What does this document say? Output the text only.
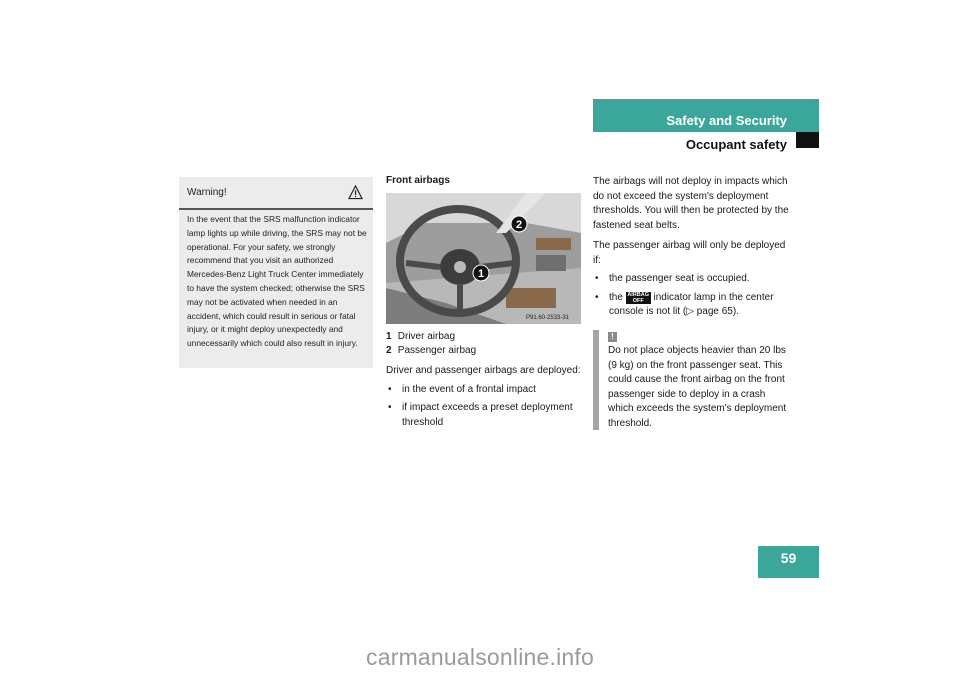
Safety and Security
Occupant safety
Warning!
In the event that the SRS malfunction indicator lamp lights up while driving, the SRS may not be operational. For your safety, we strongly recommend that you visit an authorized Mercedes-Benz Light Truck Center immediately to have the system checked; otherwise the SRS may not be activated when needed in an accident, which could result in serious or fatal injury, or it might deploy unexpectedly and unnecessarily which could also result in injury.
Front airbags
P91.60-2533-31
1
2
1 Driver airbag
2 Passenger airbag
Driver and passenger airbags are deployed:
• in the event of a frontal impact
• if impact exceeds a preset deployment threshold
The airbags will not deploy in impacts which do not exceed the system's deployment thresholds. You will then be protected by the fastened seat belts.
The passenger airbag will only be deployed if:
• the passenger seat is occupied.
• the AIRBAG
OFF indicator lamp in the center console is not lit (▷ page 65).
!
Do not place objects heavier than 20 lbs (9 kg) on the front passenger seat. This could cause the front airbag on the front passenger side to deploy in a crash which exceeds the system's deployment threshold.
59
carmanualsonline.info
